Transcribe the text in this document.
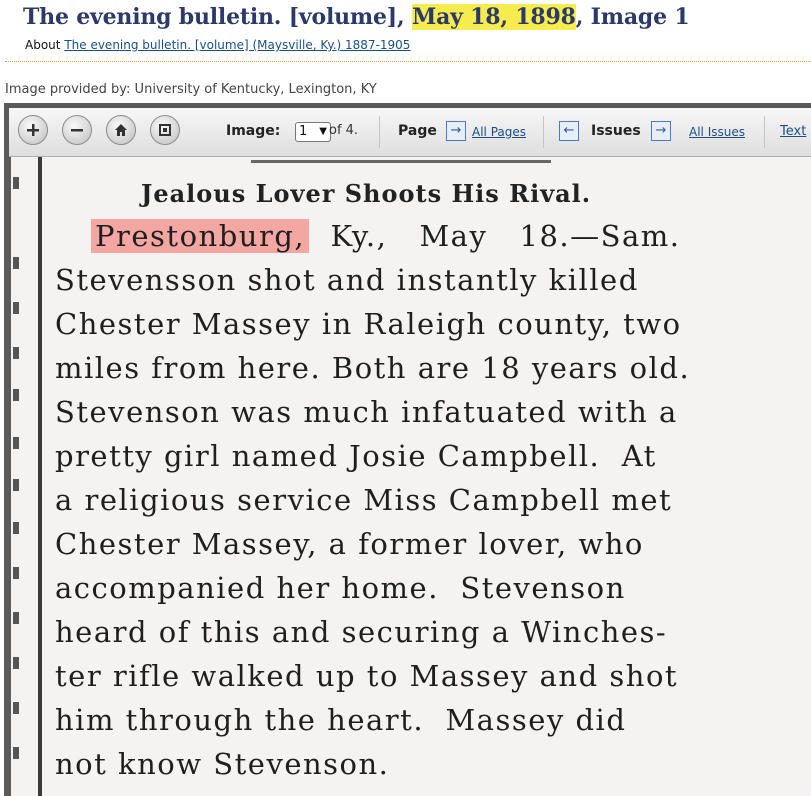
The evening bulletin. [volume], May 18, 1898, Image 1
About The evening bulletin. [volume] (Maysville, Ky.) 1887-1905
Image provided by: University of Kentucky, Lexington, KY
Image:	1 ▼ of 4.	Page	→ All Pages	←	Issues	→	All Issues	Text
Jealous Lover Shoots His Rival.
Prestonburg, Ky.,   May   18.—Sam.
Stevensson shot and instantly killed
Chester Massey in Raleigh county, two
miles from here. Both are 18 years old.
Stevenson was much infatuated with a
pretty girl named Josie Campbell.  At
a religious service Miss Campbell met
Chester Massey, a former lover, who
accompanied her home.  Stevenson
heard of this and securing a Winches-
ter rifle walked up to Massey and shot
him through the heart.  Massey did
not know Stevenson.
